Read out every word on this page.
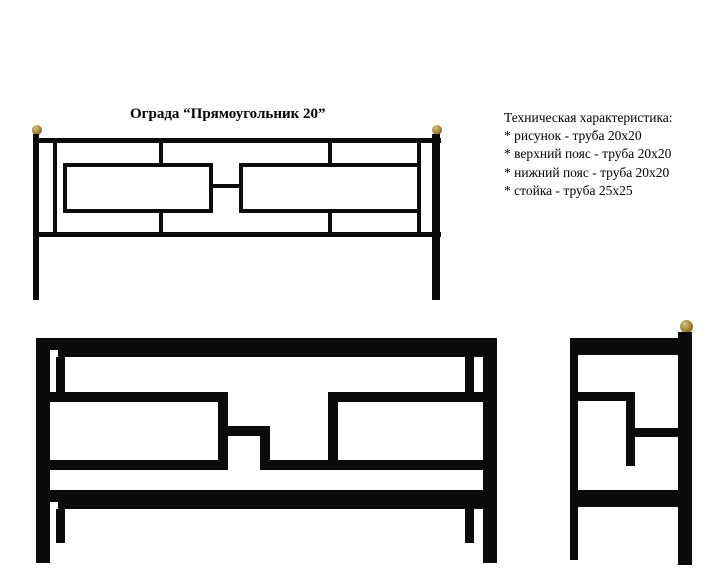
Ограда “Прямоугольник 20”	Техническая характеристика:
* рисунок - труба 20х20
* верхний пояс - труба 20х20
* нижний пояс - труба 20х20
* стойка - труба 25х25
